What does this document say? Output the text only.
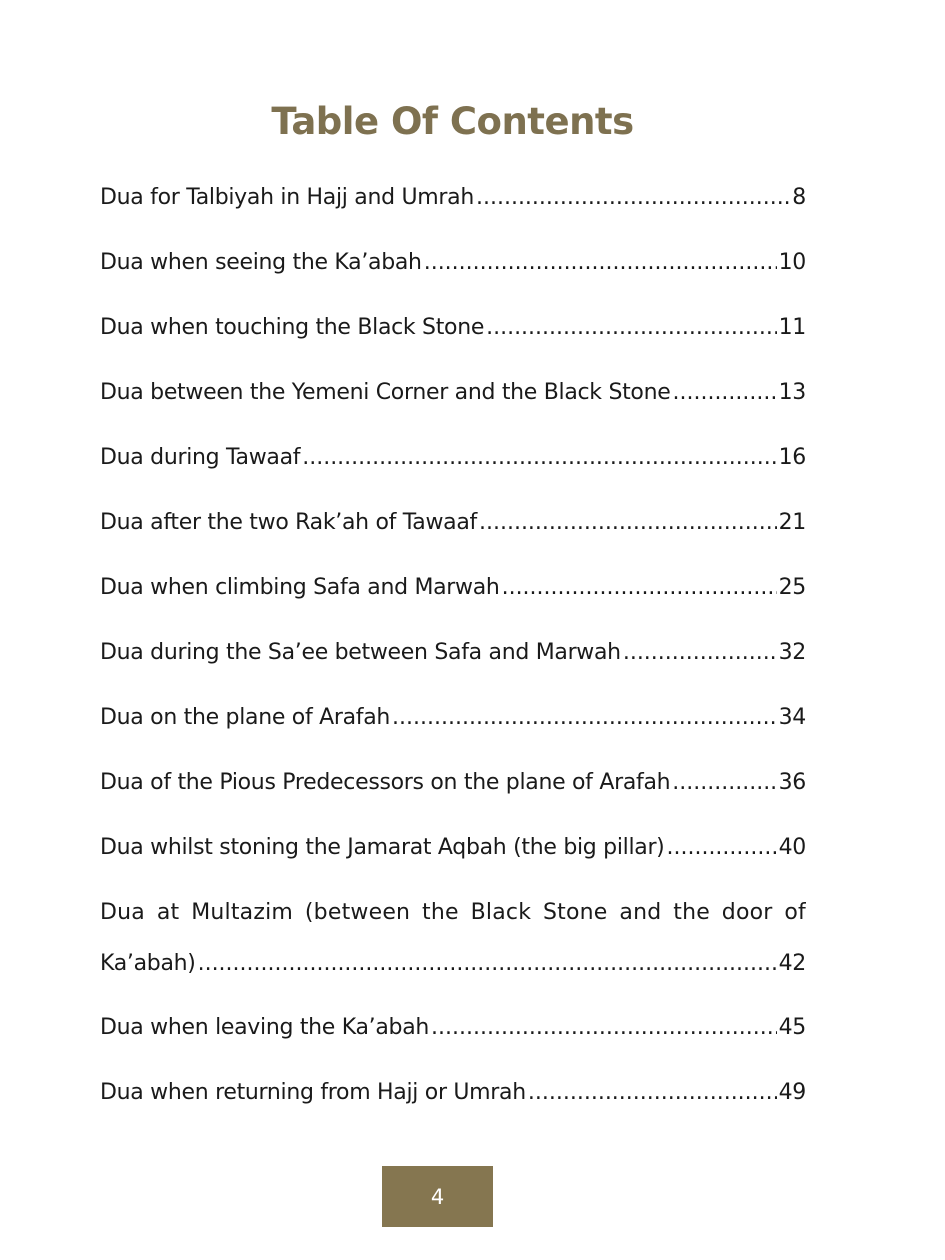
Table Of Contents
Dua for Talbiyah in Hajj and Umrah .....	8
Dua when seeing the Ka’abah .....	10
Dua when touching the Black Stone .....	11
Dua between the Yemeni Corner and the Black Stone .....	13
Dua during Tawaaf .....	16
Dua after the two Rak’ah of Tawaaf .....	21
Dua when climbing Safa and Marwah .....	25
Dua during the Sa’ee between Safa and Marwah .....	32
Dua on the plane of Arafah .....	34
Dua of the Pious Predecessors on the plane of Arafah .....	36
Dua whilst stoning the Jamarat Aqbah (the big pillar) .....	40
Dua at Multazim (between the Black Stone and the door of
Ka’abah) .....	42
Dua when leaving the Ka’abah .....	45
Dua when returning from Hajj or Umrah .....	49
4
